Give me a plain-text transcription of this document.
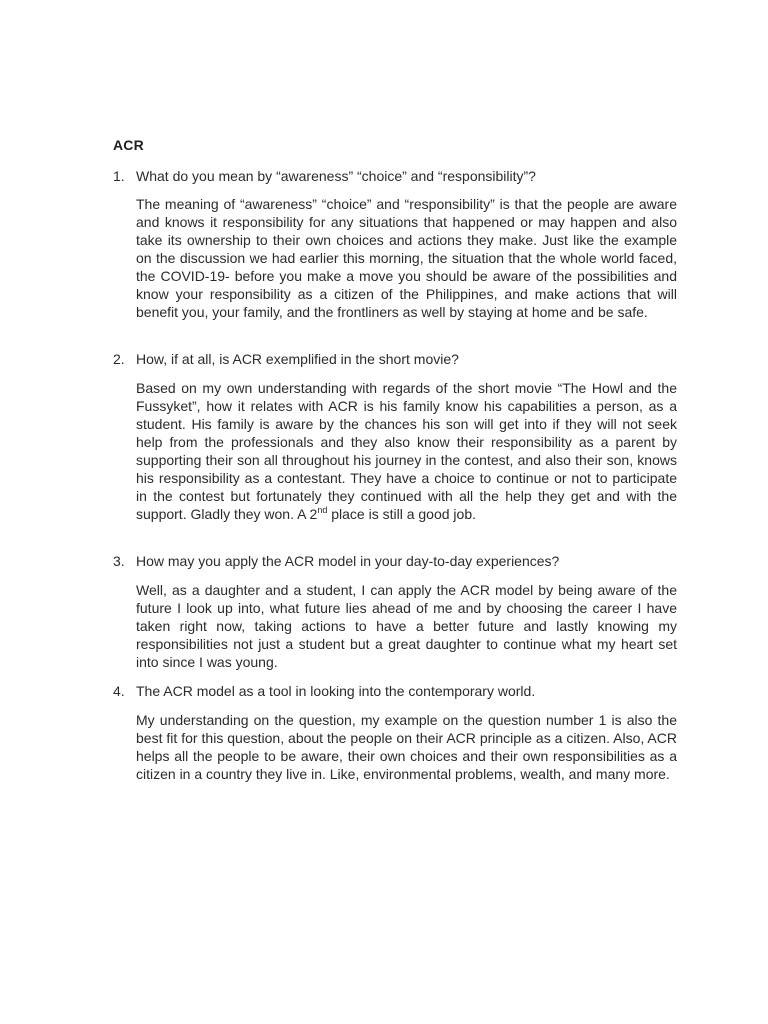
ACR
1. What do you mean by “awareness” “choice” and “responsibility”?

The meaning of “awareness” “choice” and “responsibility” is that the people are aware and knows it responsibility for any situations that happened or may happen and also take its ownership to their own choices and actions they make. Just like the example on the discussion we had earlier this morning, the situation that the whole world faced, the COVID-19- before you make a move you should be aware of the possibilities and know your responsibility as a citizen of the Philippines, and make actions that will benefit you, your family, and the frontliners as well by staying at home and be safe.

2. How, if at all, is ACR exemplified in the short movie?

Based on my own understanding with regards of the short movie “The Howl and the Fussyket”, how it relates with ACR is his family know his capabilities a person, as a student. His family is aware by the chances his son will get into if they will not seek help from the professionals and they also know their responsibility as a parent by supporting their son all throughout his journey in the contest, and also their son, knows his responsibility as a contestant. They have a choice to continue or not to participate in the contest but fortunately they continued with all the help they get and with the support. Gladly they won. A 2nd place is still a good job.

3. How may you apply the ACR model in your day-to-day experiences?

Well, as a daughter and a student, I can apply the ACR model by being aware of the future I look up into, what future lies ahead of me and by choosing the career I have taken right now, taking actions to have a better future and lastly knowing my responsibilities not just a student but a great daughter to continue what my heart set into since I was young.

4. The ACR model as a tool in looking into the contemporary world.

My understanding on the question, my example on the question number 1 is also the best fit for this question, about the people on their ACR principle as a citizen. Also, ACR helps all the people to be aware, their own choices and their own responsibilities as a citizen in a country they live in. Like, environmental problems, wealth, and many more.
